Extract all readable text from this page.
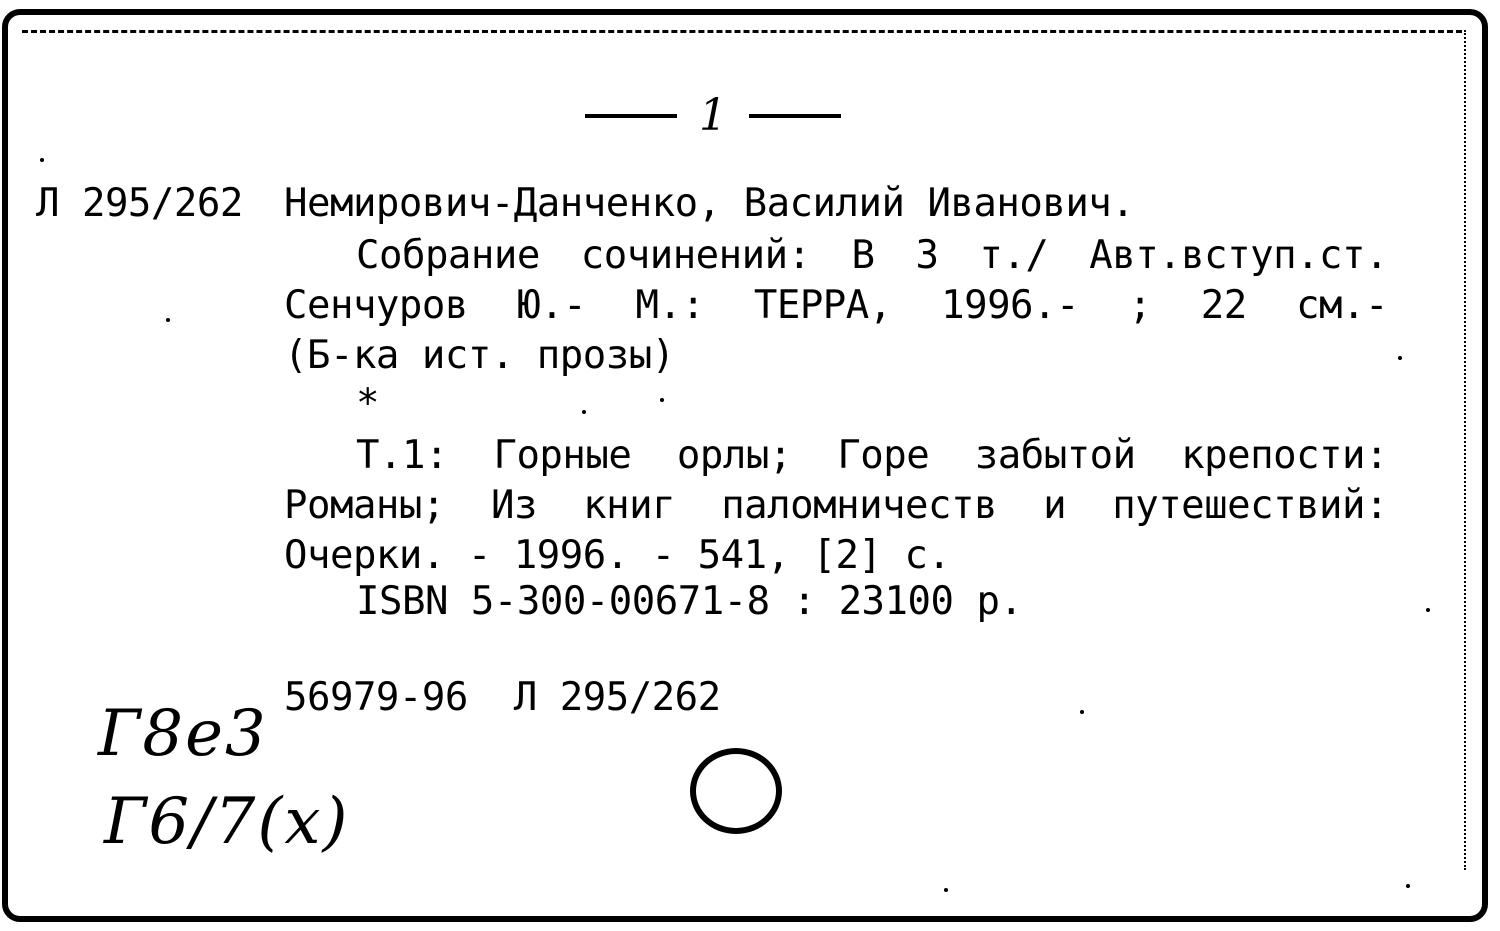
1
Л 295/262 Немирович-Данченко, Василий Иванович.
Собрание сочинений: В 3 т./ Авт.вступ.ст.
Сенчуров Ю.- М.: ТЕРРА, 1996.- ; 22 см.-
(Б-ка ист. прозы)
*
Т.1: Горные орлы; Горе забытой крепости:
Романы; Из книг паломничеств и путешествий:
Очерки. - 1996. - 541, [2] с.
ISBN 5-300-00671-8 : 23100 р.
56979-96  Л 295/262
Г8е3
Г6/7(х)
